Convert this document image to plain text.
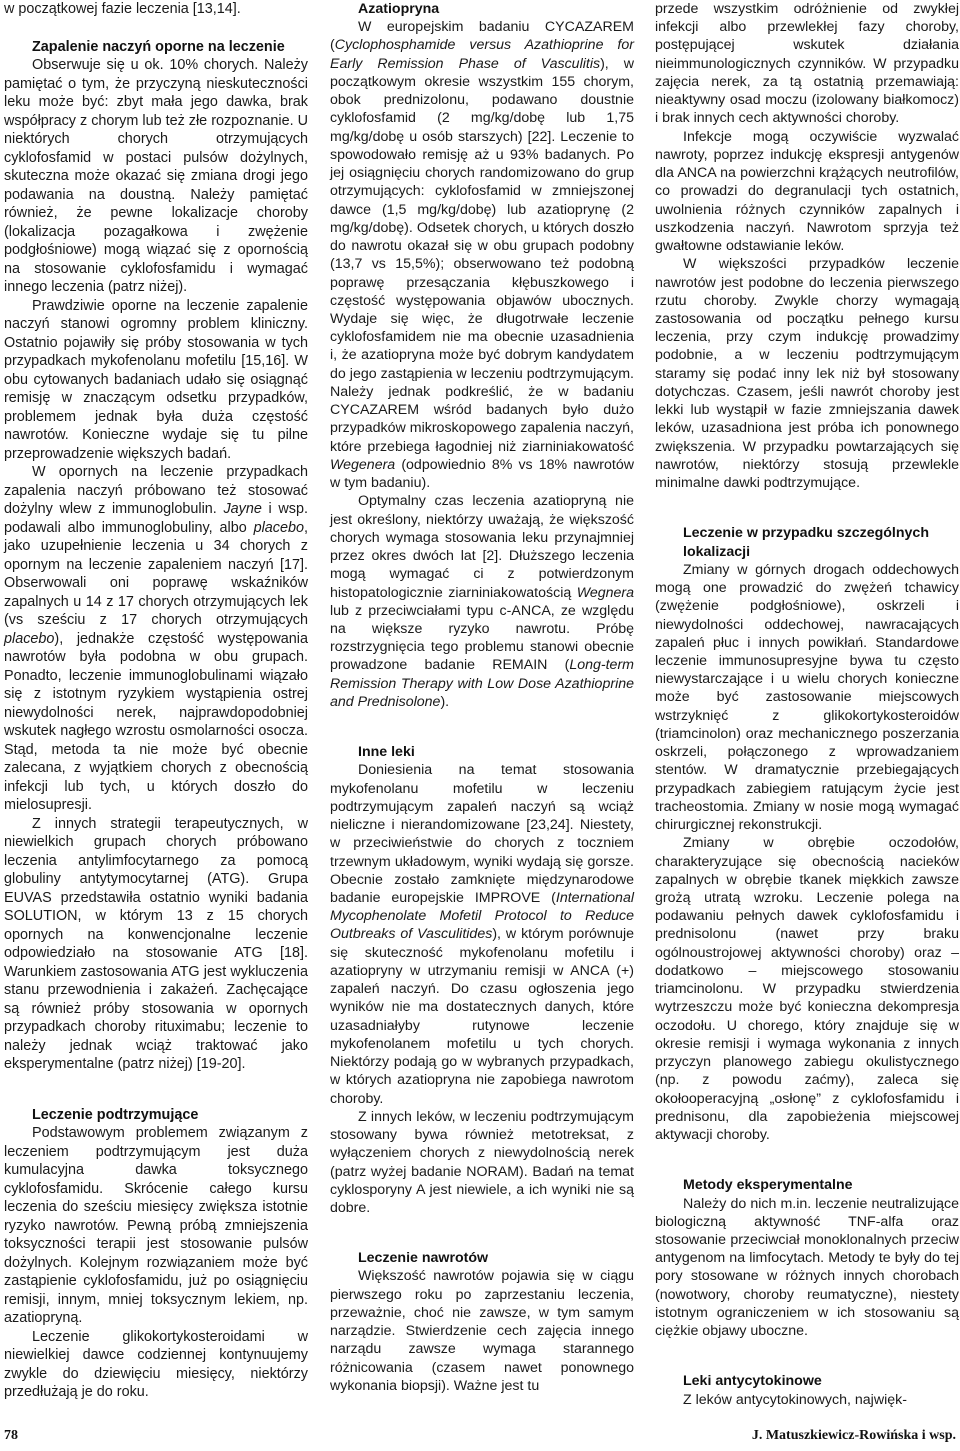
w początkowej fazie leczenia [13,14].

Zapalenie naczyń oporne na leczenie

Obserwuje się u ok. 10% chorych. Należy pamiętać o tym, że przyczyną nieskuteczności leku może być: zbyt mała jego dawka, brak współpracy z chorym lub też złe rozpoznanie. U niektórych chorych otrzymujących cyklofosfamid w postaci pulsów dożylnych, skuteczna może okazać się zmiana drogi jego podawania na doustną. Należy pamiętać również, że pewne lokalizacje choroby (lokalizacja pozagałkowa i zwężenie podgłośniowe) mogą wiązać się z opornością na stosowanie cyklofosfamidu i wymagać innego leczenia (patrz niżej).

Prawdziwie oporne na leczenie zapalenie naczyń stanowi ogromny problem kliniczny. Ostatnio pojawiły się próby stosowania w tych przypadkach mykofenolanu mofetilu [15,16]. W obu cytowanych badaniach udało się osiągnąć remisję w znaczącym odsetku przypadków, problemem jednak była duża częstość nawrotów. Konieczne wydaje się tu pilne przeprowadzenie większych badań.

W opornych na leczenie przypadkach zapalenia naczyń próbowano też stosować dożylny wlew z immunoglobulin. Jayne i wsp. podawali albo immunoglobuliny, albo placebo, jako uzupełnienie leczenia u 34 chorych z opornym na leczenie zapaleniem naczyń [17]. Obserwowali oni poprawę wskaźników zapalnych u 14 z 17 chorych otrzymujących lek (vs sześciu z 17 chorych otrzymujących placebo), jednakże częstość występowania nawrotów była podobna w obu grupach. Ponadto, leczenie immunoglobulinami wiązało się z istotnym ryzykiem wystąpienia ostrej niewydolności nerek, najprawdopodobniej wskutek nagłego wzrostu osmolarności osocza. Stąd, metoda ta nie może być obecnie zalecana, z wyjątkiem chorych z obecnością infekcji lub tych, u których doszło do mielosupresji.

Z innych strategii terapeutycznych, w niewielkich grupach chorych próbowano leczenia antylimfocytarnego za pomocą globuliny antytymocytarnej (ATG). Grupa EUVAS przedstawiła ostatnio wyniki badania SOLUTION, w którym 13 z 15 chorych opornych na konwencjonalne leczenie odpowiedziało na stosowanie ATG [18]. Warunkiem zastosowania ATG jest wykluczenia stanu przewodnienia i zakażeń. Zachęcające są również próby stosowania w opornych przypadkach choroby rituximabu; leczenie to należy jednak wciąż traktować jako eksperymentalne (patrz niżej) [19-20].

Leczenie podtrzymujące

Podstawowym problemem związanym z leczeniem podtrzymującym jest duża kumulacyjna dawka toksycznego cyklofosfamidu. Skrócenie całego kursu leczenia do sześciu miesięcy zwiększa istotnie ryzyko nawrotów. Pewną próbą zmniejszenia toksyczności terapii jest stosowanie pulsów dożylnych. Kolejnym rozwiązaniem może być zastąpienie cyklofosfamidu, już po osiągnięciu remisji, innym, mniej toksycznym lekiem, np. azatiopryną.

Leczenie glikokortykosteroidami w niewielkiej dawce codziennej kontynuujemy zwykle do dziewięciu miesięcy, niektórzy przedłużają je do roku.

Azatiopryna

W europejskim badaniu CYCAZAREM (Cyclophosphamide versus Azathioprine for Early Remission Phase of Vasculitis), w początkowym okresie wszystkim 155 chorym, obok prednizolonu, podawano doustnie cyklofosfamid (2 mg/kg/dobę lub 1,75 mg/kg/dobę u osób starszych) [22]. Leczenie to spowodowało remisję aż u 93% badanych. Po jej osiągnięciu chorych randomizowano do grup otrzymujących: cyklofosfamid w zmniejszonej dawce (1,5 mg/kg/dobę) lub azatioprynę (2 mg/kg/dobę). Odsetek chorych, u których doszło do nawrotu okazał się w obu grupach podobny (13,7 vs 15,5%); obserwowano też podobną poprawę przesączania kłębuszkowego i częstość występowania objawów ubocznych. Wydaje się więc, że długotrwałe leczenie cyklofosfamidem nie ma obecnie uzasadnienia i, że azatiopryna może być dobrym kandydatem do jego zastąpienia w leczeniu podtrzymującym. Należy jednak podkreślić, że w badaniu CYCAZAREM wśród badanych było dużo przypadków mikroskopowego zapalenia naczyń, które przebiega łagodniej niż ziarniniakowatość Wegenera (odpowiednio 8% vs 18% nawrotów w tym badaniu).

Optymalny czas leczenia azatiopryną nie jest określony, niektórzy uważają, że większość chorych wymaga stosowania leku przynajmniej przez okres dwóch lat [2]. Dłuższego leczenia mogą wymagać ci z potwierdzonym histopatologicznie ziarniniakowatością Wegnera lub z przeciwciałami typu c-ANCA, ze względu na większe ryzyko nawrotu. Próbę rozstrzygnięcia tego problemu stanowi obecnie prowadzone badanie REMAIN (Long-term Remission Therapy with Low Dose Azathioprine and Prednisolone).

Inne leki

Doniesienia na temat stosowania mykofenolanu mofetilu w leczeniu podtrzymującym zapaleń naczyń są wciąż nieliczne i nierandomizowane [23,24]. Niestety, w przeciwieństwie do chorych z toczniem trzewnym układowym, wyniki wydają się gorsze. Obecnie zostało zamknięte międzynarodowe badanie europejskie IMPROVE (International Mycophenolate Mofetil Protocol to Reduce Outbreaks of Vasculitides), w którym porównuje się skuteczność mykofenolanu mofetilu i azatiopryny w utrzymaniu remisji w ANCA (+) zapaleń naczyń. Do czasu ogłoszenia jego wyników nie ma dostatecznych danych, które uzasadniałyby rutynowe leczenie mykofenolanem mofetilu u tych chorych. Niektórzy podają go w wybranych przypadkach, w których azatiopryna nie zapobiega nawrotom choroby.

Z innych leków, w leczeniu podtrzymującym stosowany bywa również metotreksat, z wyłączeniem chorych z niewydolnością nerek (patrz wyżej badanie NORAM). Badań na temat cyklosporyny A jest niewiele, a ich wyniki nie są dobre.

Leczenie nawrotów

Większość nawrotów pojawia się w ciągu pierwszego roku po zaprzestaniu leczenia, przeważnie, choć nie zawsze, w tym samym narządzie. Stwierdzenie cech zajęcia innego narządu zawsze wymaga starannego różnicowania (czasem nawet ponownego wykonania biopsji). Ważne jest tu

przede wszystkim odróżnienie od zwykłej infekcji albo przewlekłej fazy choroby, postępującej wskutek działania nieimmunologicznych czynników. W przypadku zajęcia nerek, za tą ostatnią przemawiają: nieaktywny osad moczu (izolowany białkomocz) i brak innych cech aktywności choroby.

Infekcje mogą oczywiście wyzwalać nawroty, poprzez indukcję ekspresji antygenów dla ANCA na powierzchni krążących neutrofilów, co prowadzi do degranulacji tych ostatnich, uwolnienia różnych czynników zapalnych i uszkodzenia naczyń. Nawrotom sprzyja też gwałtowne odstawianie leków.

W większości przypadków leczenie nawrotów jest podobne do leczenia pierwszego rzutu choroby. Zwykle chorzy wymagają zastosowania od początku pełnego kursu leczenia, przy czym indukcję prowadzimy podobnie, a w leczeniu podtrzymującym staramy się podać inny lek niż był stosowany dotychczas. Czasem, jeśli nawrót choroby jest lekki lub wystąpił w fazie zmniejszania dawek leków, uzasadniona jest próba ich ponownego zwiększenia. W przypadku powtarzających się nawrotów, niektórzy stosują przewlekle minimalne dawki podtrzymujące.

Leczenie w przypadku szczególnych lokalizacji

Zmiany w górnych drogach oddechowych mogą one prowadzić do zwężeń tchawicy (zwężenie podgłośniowe), oskrzeli i niewydolności oddechowej, nawracających zapaleń płuc i innych powikłań. Standardowe leczenie immunosupresyjne bywa tu często niewystarczające i u wielu chorych konieczne może być zastosowanie miejscowych wstrzyknięć z glikokortykosteroidów (triamcinolon) oraz mechanicznego poszerzania oskrzeli, połączonego z wprowadzaniem stentów. W dramatycznie przebiegających przypadkach zabiegiem ratującym życie jest tracheostomia. Zmiany w nosie mogą wymagać chirurgicznej rekonstrukcji.

Zmiany w obrębie oczodołów, charakteryzujące się obecnością nacieków zapalnych w obrębie tkanek miękkich zawsze grożą utratą wzroku. Leczenie polega na podawaniu pełnych dawek cyklofosfamidu i prednisolonu (nawet przy braku ogólnoustrojowej aktywności choroby) oraz – dodatkowo – miejscowego stosowaniu triamcinolonu. W przypadku stwierdzenia wytrzeszczu może być konieczna dekompresja oczodołu. U chorego, który znajduje się w okresie remisji i wymaga wykonania z innych przyczyn planowego zabiegu okulistycznego (np. z powodu zaćmy), zaleca się okołooperacyjną „osłonę” z cyklofosfamidu i prednisonu, dla zapobieżenia miejscowej aktywacji choroby.

Metody eksperymentalne

Należy do nich m.in. leczenie neutralizujące biologiczną aktywność TNF-alfa oraz stosowanie przeciwciał monoklonalnych przeciw antygenom na limfocytach. Metody te były do tej pory stosowane w różnych innych chorobach (nowotwory, choroby reumatyczne), niestety istotnym ograniczeniem w ich stosowaniu są ciężkie objawy uboczne.

Leki antycytokinowe

Z leków antycytokinowych, najwięk-

78	J. Matuszkiewicz-Rowińska i wsp.
